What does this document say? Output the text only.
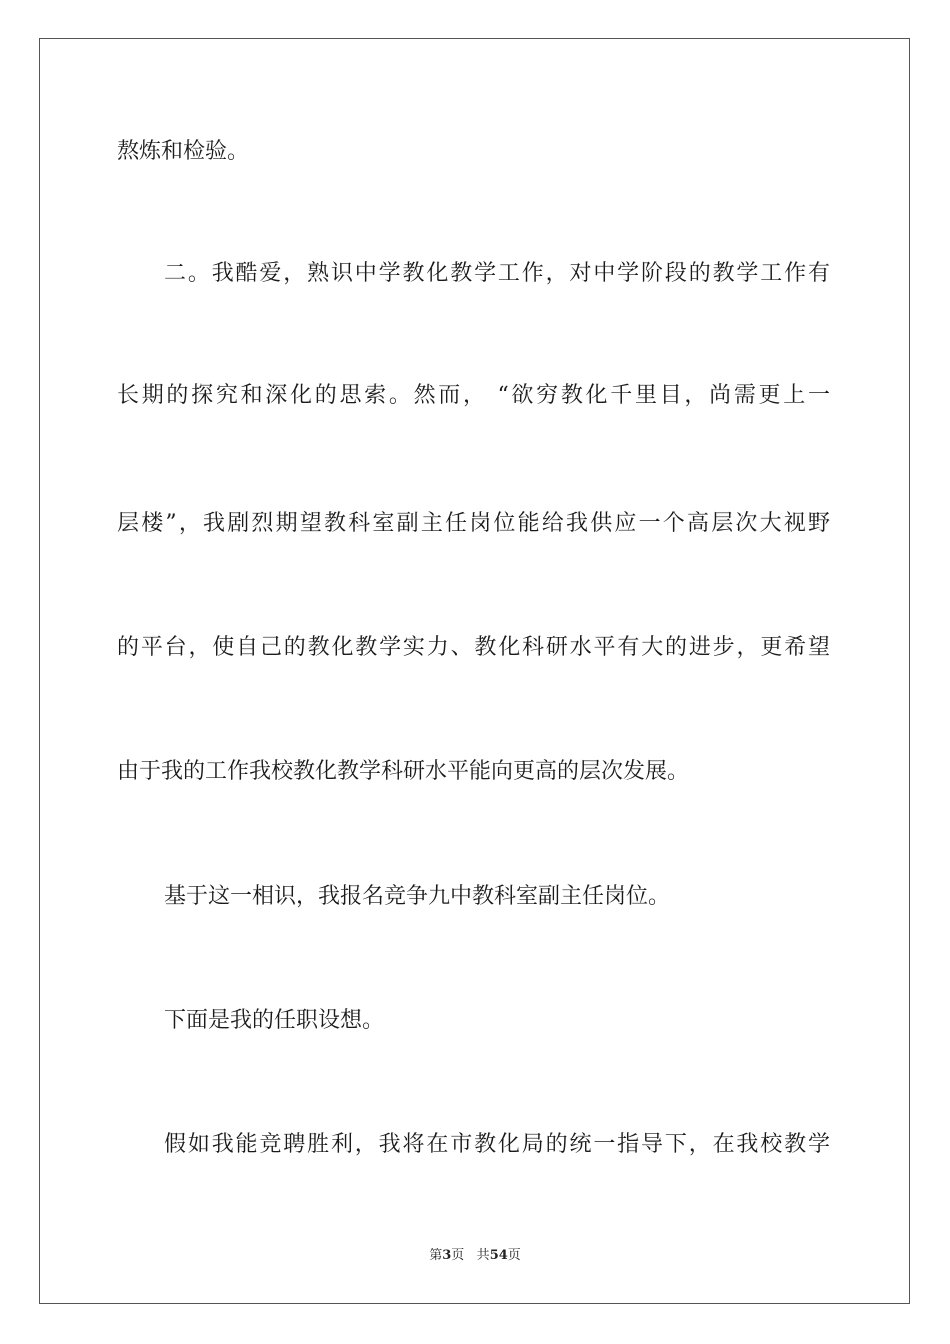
熬炼和检验。

二。我酷爱，熟识中学教化教学工作，对中学阶段的教学工作有

长期的探究和深化的思索。然而， “欲穷教化千里目，尚需更上一

层楼”，我剧烈期望教科室副主任岗位能给我供应一个高层次大视野

的平台，使自己的教化教学实力、教化科研水平有大的进步，更希望

由于我的工作我校教化教学科研水平能向更高的层次发展。

基于这一相识，我报名竞争九中教科室副主任岗位。

下面是我的任职设想。

假如我能竞聘胜利，我将在市教化局的统一指导下，在我校教学

第3页 共54页
